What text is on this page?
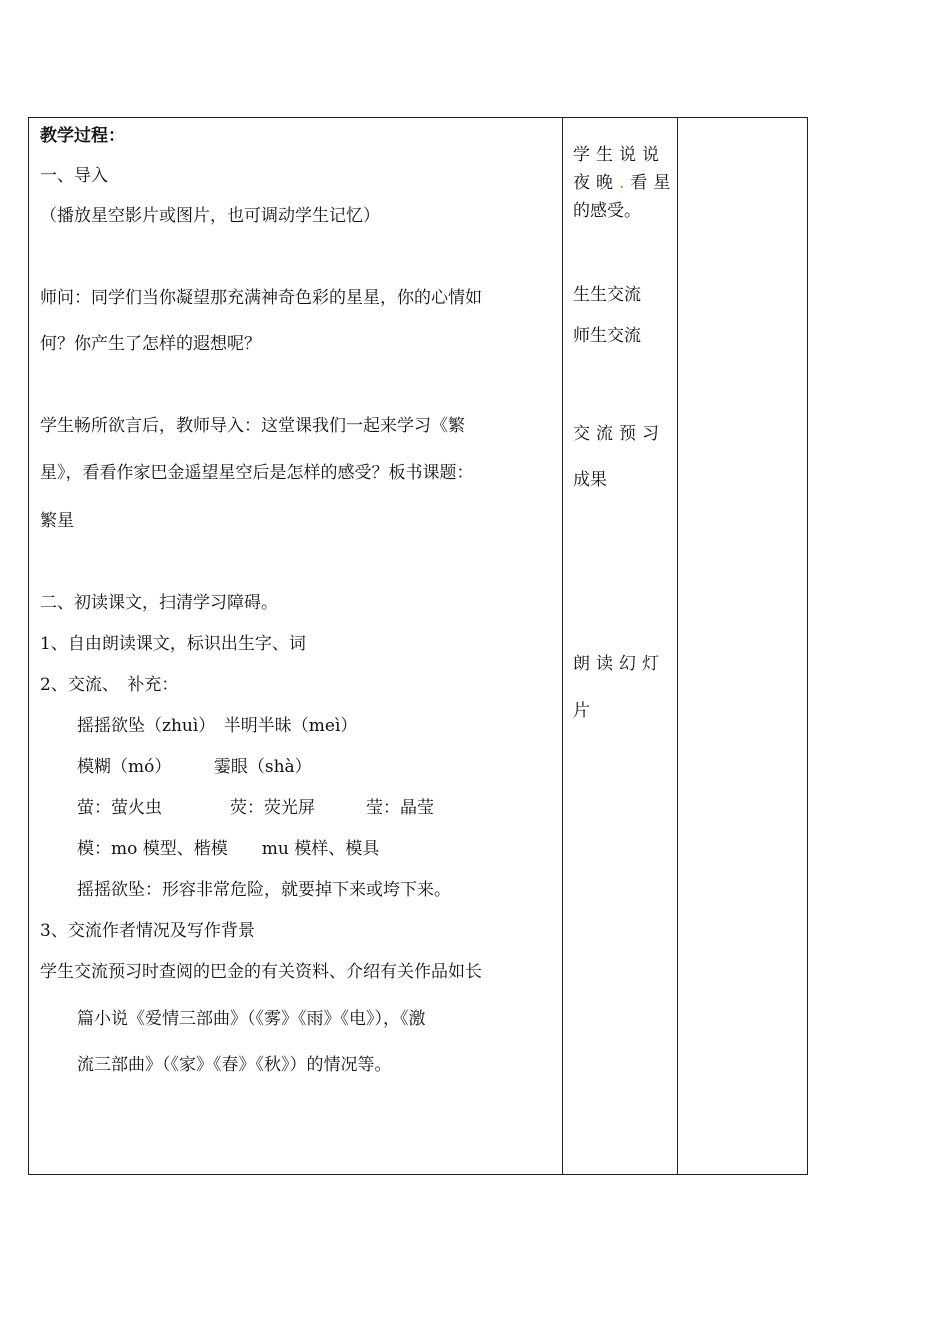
教学过程：
一、导入
（播放星空影片或图片，也可调动学生记忆）
师问：同学们当你凝望那充满神奇色彩的星星，你的心情如
何？你产生了怎样的遐想呢？
学生畅所欲言后，教师导入：这堂课我们一起来学习《繁
星》，看看作家巴金遥望星空后是怎样的感受？板书课题：
繁星
二、初读课文，扫清学习障碍。
1、自由朗读课文，标识出生字、词
2、交流、　补充：
摇摇欲坠（zhuì）　半明半昧（meì）
模糊（mó）　　　霎眼（shà）
萤：萤火虫　　　　荧：荧光屏　　　莹：晶莹
模：mo 模型、楷模　　mu 模样、模具
摇摇欲坠：形容非常危险，就要掉下来或垮下来。
3、交流作者情况及写作背景
学生交流预习时查阅的巴金的有关资料、介绍有关作品如长
篇小说《爱情三部曲》（《雾》《雨》《电》），《激
流三部曲》（《家》《春》《秋》）的情况等。
学生说说
夜晚.看星
的感受。
生生交流
师生交流
交流预习
成果
朗读幻灯
片
